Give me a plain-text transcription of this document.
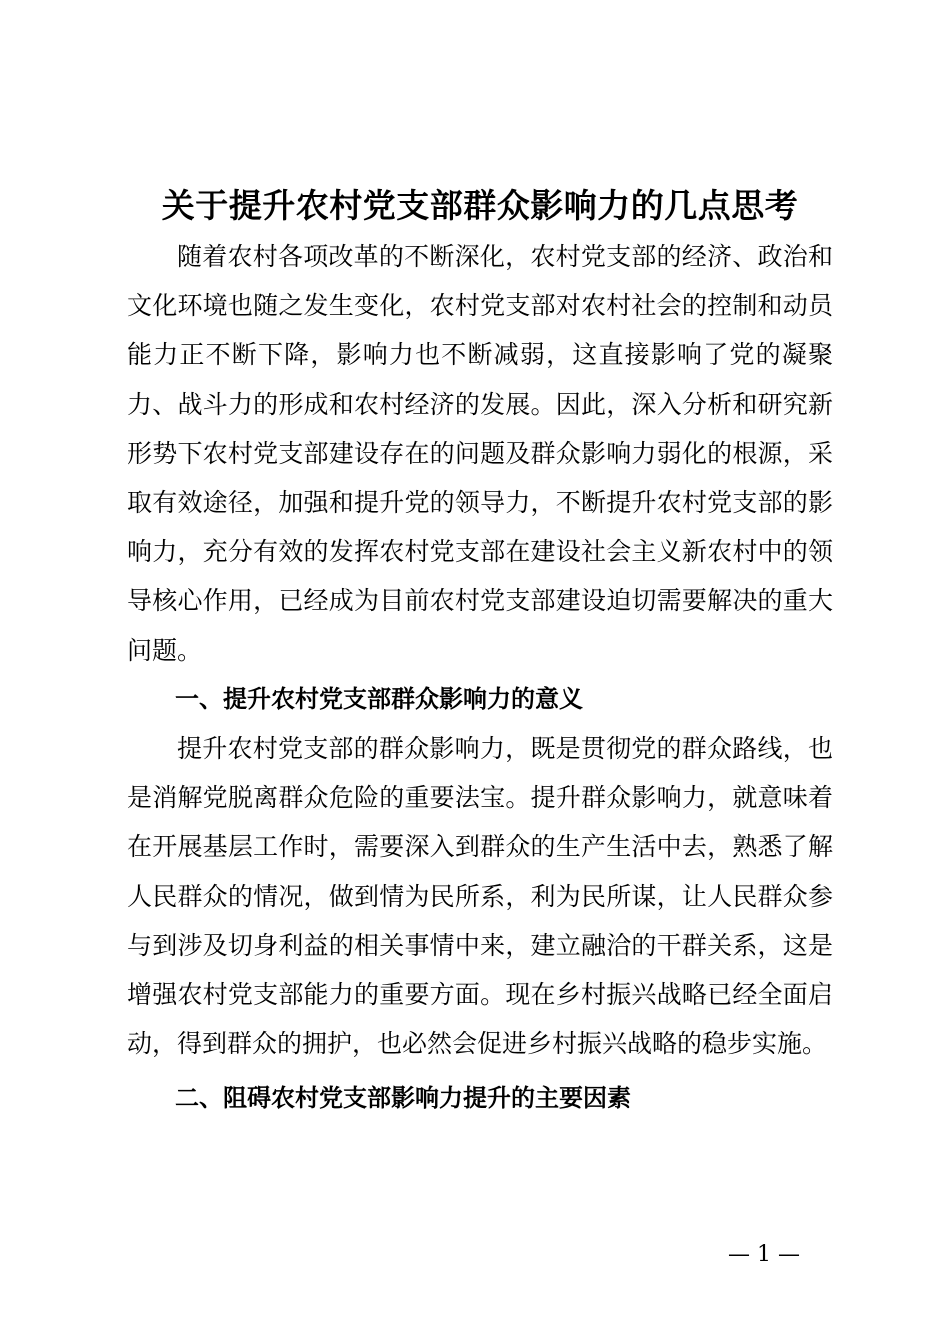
关于提升农村党支部群众影响力的几点思考

随着农村各项改革的不断深化，农村党支部的经济、政治和文化环境也随之发生变化，农村党支部对农村社会的控制和动员能力正不断下降，影响力也不断减弱，这直接影响了党的凝聚力、战斗力的形成和农村经济的发展。因此，深入分析和研究新形势下农村党支部建设存在的问题及群众影响力弱化的根源，采取有效途径，加强和提升党的领导力，不断提升农村党支部的影响力，充分有效的发挥农村党支部在建设社会主义新农村中的领导核心作用，已经成为目前农村党支部建设迫切需要解决的重大问题。

一、提升农村党支部群众影响力的意义

提升农村党支部的群众影响力，既是贯彻党的群众路线，也是消解党脱离群众危险的重要法宝。提升群众影响力，就意味着在开展基层工作时，需要深入到群众的生产生活中去，熟悉了解人民群众的情况，做到情为民所系，利为民所谋，让人民群众参与到涉及切身利益的相关事情中来，建立融洽的干群关系，这是增强农村党支部能力的重要方面。现在乡村振兴战略已经全面启动，得到群众的拥护，也必然会促进乡村振兴战略的稳步实施。

二、阻碍农村党支部影响力提升的主要因素

— 1 —
